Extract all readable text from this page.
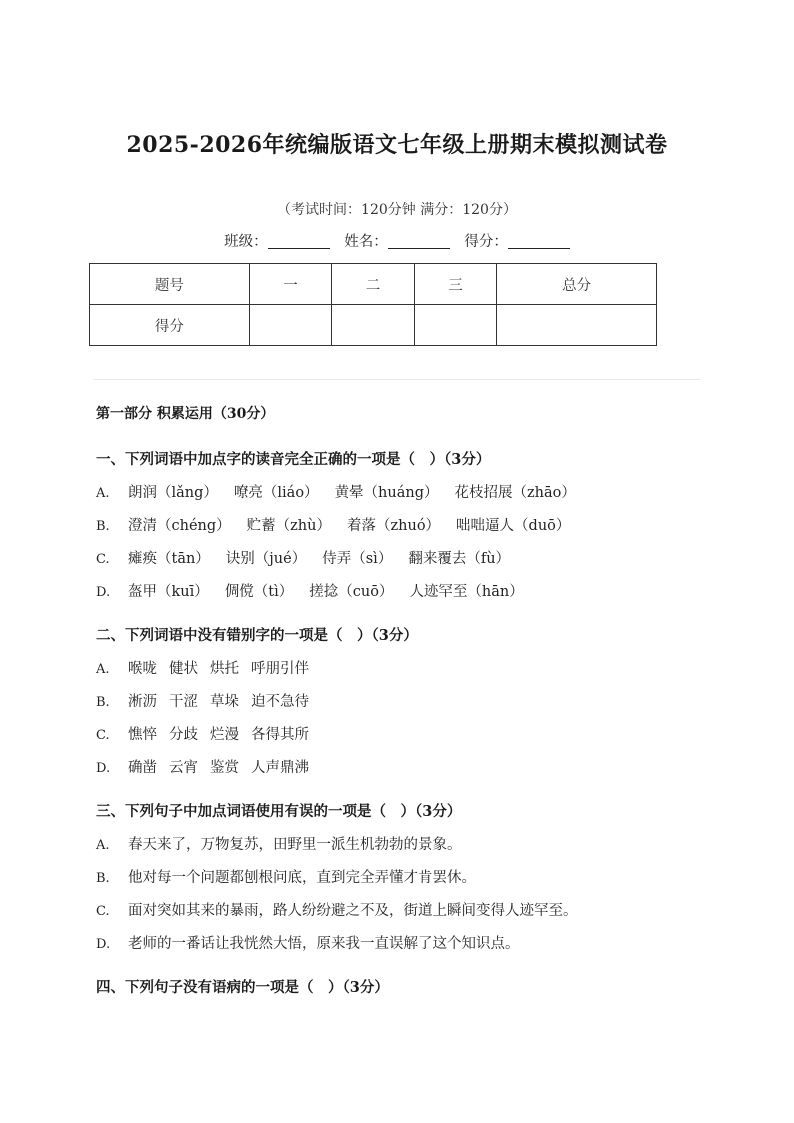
2025-2026年统编版语文七年级上册期末模拟测试卷
（考试时间：120分钟 满分：120分）
班级：	姓名：	得分：
题号	一	二	三	总分
得分				
第一部分 积累运用（30分）
一、下列词语中加点字的读音完全正确的一项是（　）（3分）
A. 朗润（lǎng） 嘹亮（liáo） 黄晕（huáng） 花枝招展（zhāo）
B. 澄清（chéng） 贮蓄（zhù） 着落（zhuó） 咄咄逼人（duō）
C. 瘫痪（tān） 诀别（jué） 侍弄（sì） 翻来覆去（fù）
D. 盔甲（kuī） 倜傥（tì） 搓捻（cuō） 人迹罕至（hān）
二、下列词语中没有错别字的一项是（　）（3分）
A. 喉咙 健状 烘托 呼朋引伴
B. 淅沥 干涩 草垛 迫不急待
C. 憔悴 分歧 烂漫 各得其所
D. 确凿 云宵 鉴赏 人声鼎沸
三、下列句子中加点词语使用有误的一项是（　）（3分）
A. 春天来了，万物复苏，田野里一派生机勃勃的景象。
B. 他对每一个问题都刨根问底，直到完全弄懂才肯罢休。
C. 面对突如其来的暴雨，路人纷纷避之不及，街道上瞬间变得人迹罕至。
D. 老师的一番话让我恍然大悟，原来我一直误解了这个知识点。
四、下列句子没有语病的一项是（　）（3分）
